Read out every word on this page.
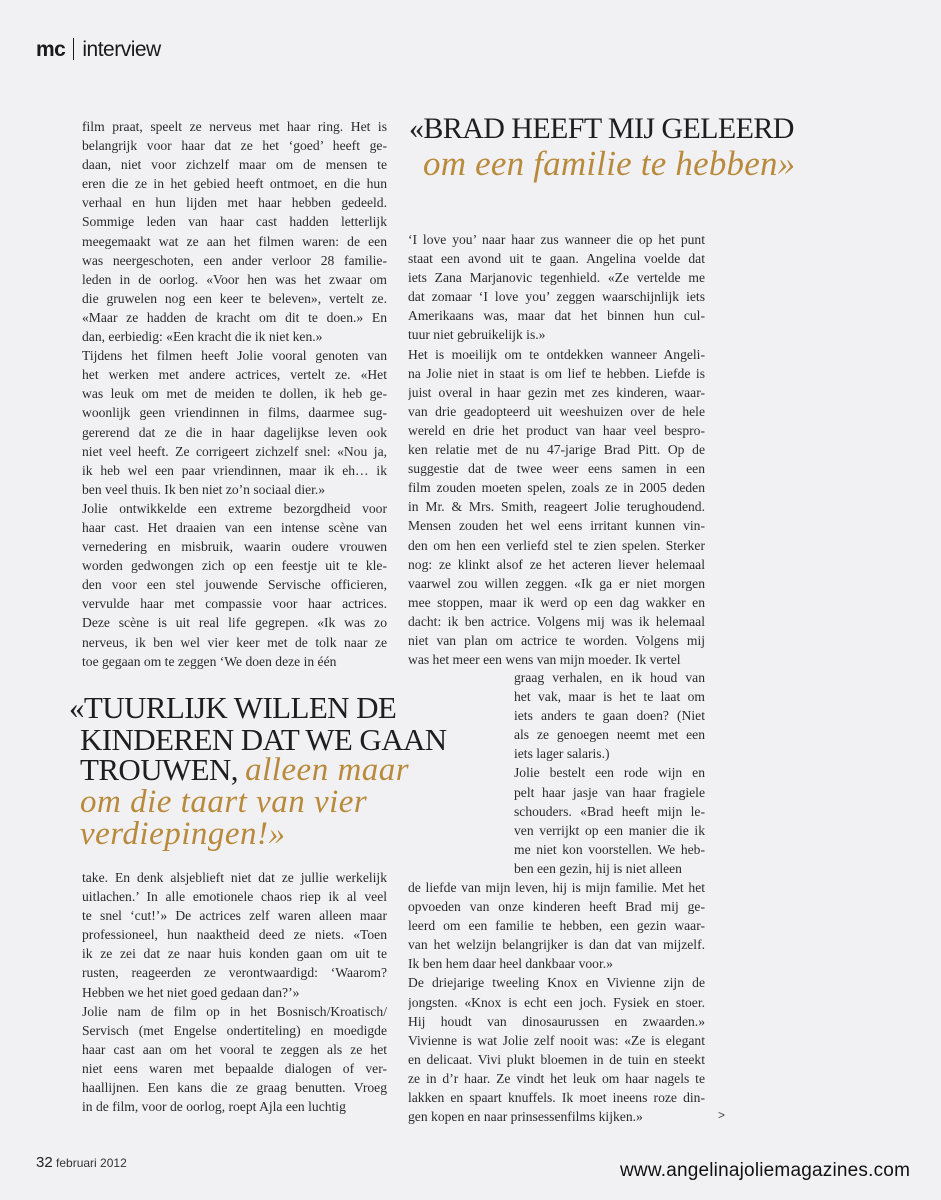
mc interview
«BRAD HEEFT MIJ GELEERD
om een familie te hebben»
«TUURLIJK WILLEN DE
KINDEREN DAT WE GAAN
TROUWEN, alleen maar
om die taart van vier
verdiepingen!»
film praat, speelt ze nerveus met haar ring. Het is
belangrijk voor haar dat ze het ‘goed’ heeft ge-
daan, niet voor zichzelf maar om de mensen te
eren die ze in het gebied heeft ontmoet, en die hun
verhaal en hun lijden met haar hebben gedeeld.
Sommige leden van haar cast hadden letterlijk
meegemaakt wat ze aan het filmen waren: de een
was neergeschoten, een ander verloor 28 familie-
leden in de oorlog. «Voor hen was het zwaar om
die gruwelen nog een keer te beleven», vertelt ze.
«Maar ze hadden de kracht om dit te doen.» En
dan, eerbiedig: «Een kracht die ik niet ken.»
Tijdens het filmen heeft Jolie vooral genoten van
het werken met andere actrices, vertelt ze. «Het
was leuk om met de meiden te dollen, ik heb ge-
woonlijk geen vriendinnen in films, daarmee sug-
gererend dat ze die in haar dagelijkse leven ook
niet veel heeft. Ze corrigeert zichzelf snel: «Nou ja,
ik heb wel een paar vriendinnen, maar ik eh… ik
ben veel thuis. Ik ben niet zo’n sociaal dier.»
Jolie ontwikkelde een extreme bezorgdheid voor
haar cast. Het draaien van een intense scène van
vernedering en misbruik, waarin oudere vrouwen
worden gedwongen zich op een feestje uit te kle-
den voor een stel jouwende Servische officieren,
vervulde haar met compassie voor haar actrices.
Deze scène is uit real life gegrepen. «Ik was zo
nerveus, ik ben wel vier keer met de tolk naar ze
toe gegaan om te zeggen ‘We doen deze in één
take. En denk alsjeblieft niet dat ze jullie werkelijk
uitlachen.’ In alle emotionele chaos riep ik al veel
te snel ‘cut!’» De actrices zelf waren alleen maar
professioneel, hun naaktheid deed ze niets. «Toen
ik ze zei dat ze naar huis konden gaan om uit te
rusten, reageerden ze verontwaardigd: ‘Waarom?
Hebben we het niet goed gedaan dan?’»
Jolie nam de film op in het Bosnisch/Kroatisch/
Servisch (met Engelse ondertiteling) en moedigde
haar cast aan om het vooral te zeggen als ze het
niet eens waren met bepaalde dialogen of ver-
haallijnen. Een kans die ze graag benutten. Vroeg
in de film, voor de oorlog, roept Ajla een luchtig
‘I love you’ naar haar zus wanneer die op het punt
staat een avond uit te gaan. Angelina voelde dat
iets Zana Marjanovic tegenhield. «Ze vertelde me
dat zomaar ‘I love you’ zeggen waarschijnlijk iets
Amerikaans was, maar dat het binnen hun cul-
tuur niet gebruikelijk is.»
Het is moeilijk om te ontdekken wanneer Angeli-
na Jolie niet in staat is om lief te hebben. Liefde is
juist overal in haar gezin met zes kinderen, waar-
van drie geadopteerd uit weeshuizen over de hele
wereld en drie het product van haar veel bespro-
ken relatie met de nu 47-jarige Brad Pitt. Op de
suggestie dat de twee weer eens samen in een
film zouden moeten spelen, zoals ze in 2005 deden
in Mr. & Mrs. Smith, reageert Jolie terughoudend.
Mensen zouden het wel eens irritant kunnen vin-
den om hen een verliefd stel te zien spelen. Sterker
nog: ze klinkt alsof ze het acteren liever helemaal
vaarwel zou willen zeggen. «Ik ga er niet morgen
mee stoppen, maar ik werd op een dag wakker en
dacht: ik ben actrice. Volgens mij was ik helemaal
niet van plan om actrice te worden. Volgens mij
was het meer een wens van mijn moeder. Ik vertel
graag verhalen, en ik houd van
het vak, maar is het te laat om
iets anders te gaan doen? (Niet
als ze genoegen neemt met een
iets lager salaris.)
Jolie bestelt een rode wijn en
pelt haar jasje van haar fragiele
schouders. «Brad heeft mijn le-
ven verrijkt op een manier die ik
me niet kon voorstellen. We heb-
ben een gezin, hij is niet alleen
de liefde van mijn leven, hij is mijn familie. Met het
opvoeden van onze kinderen heeft Brad mij ge-
leerd om een familie te hebben, een gezin waar-
van het welzijn belangrijker is dan dat van mijzelf.
Ik ben hem daar heel dankbaar voor.»
De driejarige tweeling Knox en Vivienne zijn de
jongsten. «Knox is echt een joch. Fysiek en stoer.
Hij houdt van dinosaurussen en zwaarden.»
Vivienne is wat Jolie zelf nooit was: «Ze is elegant
en delicaat. Vivi plukt bloemen in de tuin en steekt
ze in d’r haar. Ze vindt het leuk om haar nagels te
lakken en spaart knuffels. Ik moet ineens roze din-
gen kopen en naar prinsessenfilms kijken.»	>
32 februari 2012	www.angelinajoliemagazines.com
